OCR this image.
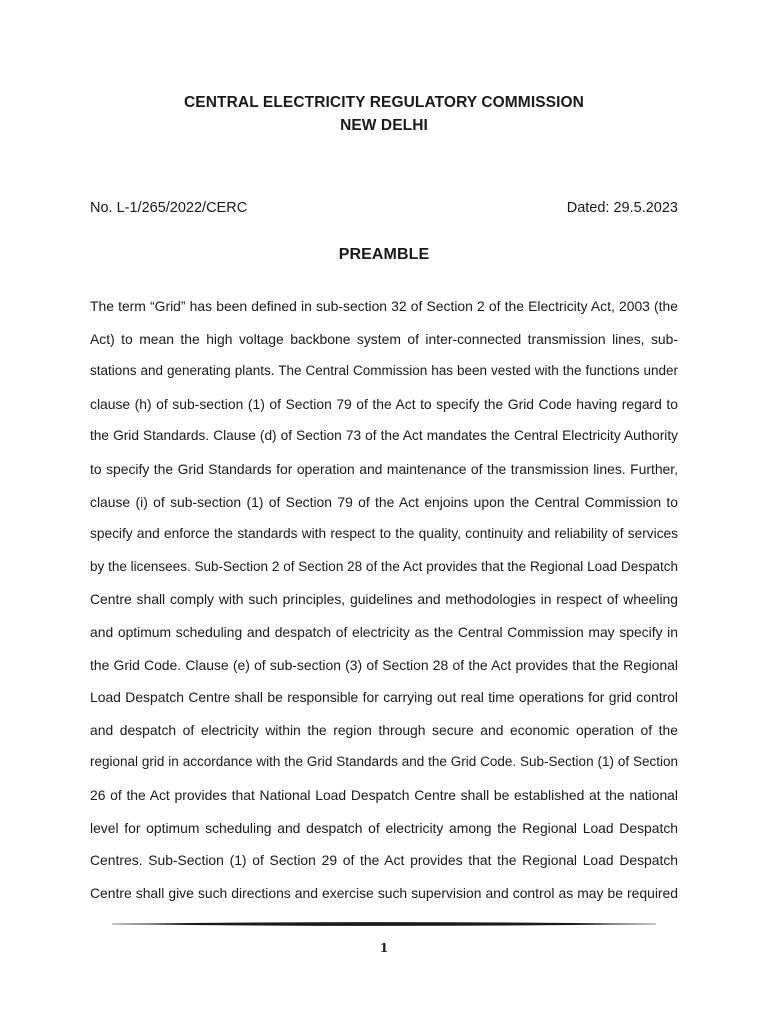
CENTRAL ELECTRICITY REGULATORY COMMISSION
NEW DELHI
No. L-1/265/2022/CERC	Dated: 29.5.2023
PREAMBLE
The term “Grid” has been defined in sub-section 32 of Section 2 of the Electricity Act, 2003 (the
Act) to mean the high voltage backbone system of inter-connected transmission lines, sub-
stations and generating plants. The Central Commission has been vested with the functions under
clause (h) of sub-section (1) of Section 79 of the Act to specify the Grid Code having regard to
the Grid Standards. Clause (d) of Section 73 of the Act mandates the Central Electricity Authority
to specify the Grid Standards for operation and maintenance of the transmission lines. Further,
clause (i) of sub-section (1) of Section 79 of the Act enjoins upon the Central Commission to
specify and enforce the standards with respect to the quality, continuity and reliability of services
by the licensees. Sub-Section 2 of Section 28 of the Act provides that the Regional Load Despatch
Centre shall comply with such principles, guidelines and methodologies in respect of wheeling
and optimum scheduling and despatch of electricity as the Central Commission may specify in
the Grid Code. Clause (e) of sub-section (3) of Section 28 of the Act provides that the Regional
Load Despatch Centre shall be responsible for carrying out real time operations for grid control
and despatch of electricity within the region through secure and economic operation of the
regional grid in accordance with the Grid Standards and the Grid Code. Sub-Section (1) of Section
26 of the Act provides that National Load Despatch Centre shall be established at the national
level for optimum scheduling and despatch of electricity among the Regional Load Despatch
Centres. Sub-Section (1) of Section 29 of the Act provides that the Regional Load Despatch
Centre shall give such directions and exercise such supervision and control as may be required
1
